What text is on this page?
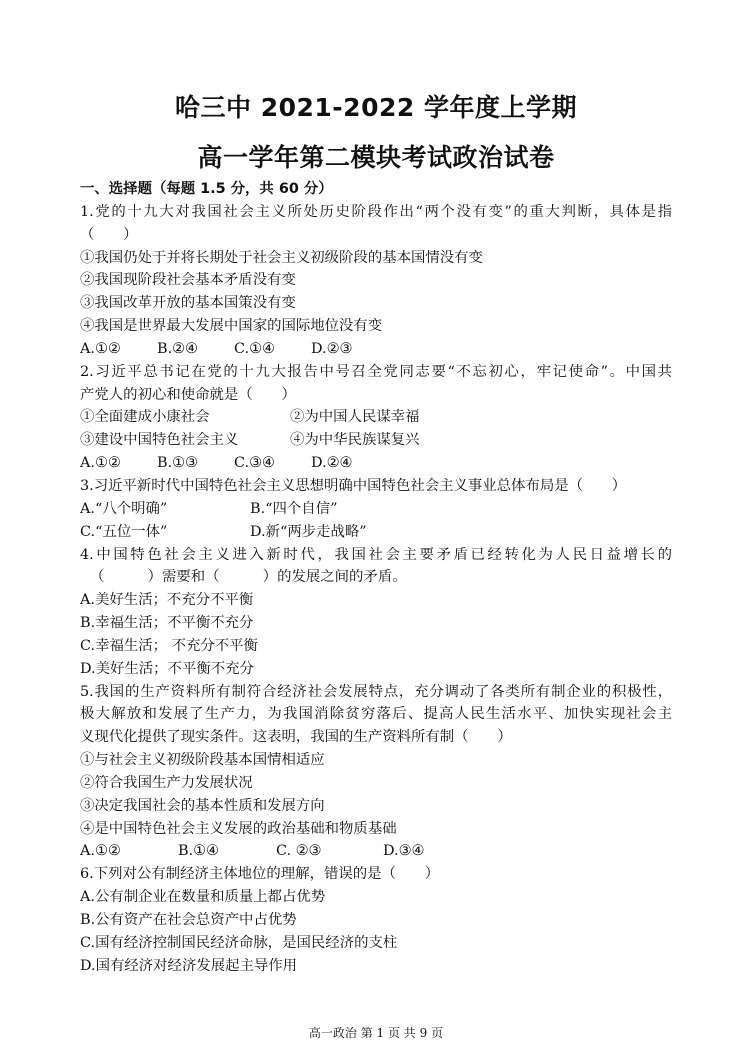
哈三中 2021-2022 学年度上学期
高一学年第二模块考试政治试卷
一、选择题（每题 1.5 分，共 60 分）
1.党的十九大对我国社会主义所处历史阶段作出“两个没有变”的重大判断，具体是指
（　　）
①我国仍处于并将长期处于社会主义初级阶段的基本国情没有变
②我国现阶段社会基本矛盾没有变
③我国改革开放的基本国策没有变
④我国是世界最大发展中国家的国际地位没有变
A.①②	B.②④	C.①④	D.②③
2.习近平总书记在党的十九大报告中号召全党同志要“不忘初心，牢记使命”。中国共
产党人的初心和使命就是（　　）
①全面建成小康社会	②为中国人民谋幸福
③建设中国特色社会主义	④为中华民族谋复兴
A.①②	B.①③	C.③④	D.②④
3.习近平新时代中国特色社会主义思想明确中国特色社会主义事业总体布局是（　　）
A.“八个明确”	B.“四个自信”
C.“五位一体”	D.新“两步走战略”
4.中国特色社会主义进入新时代，我国社会主要矛盾已经转化为人民日益增长的
（　　　）需要和（　　　）的发展之间的矛盾。
A.美好生活；不充分不平衡
B.幸福生活；不平衡不充分
C.幸福生活； 不充分不平衡
D.美好生活；不平衡不充分
5.我国的生产资料所有制符合经济社会发展特点，充分调动了各类所有制企业的积极性，
极大解放和发展了生产力，为我国消除贫穷落后、提高人民生活水平、加快实现社会主
义现代化提供了现实条件。这表明，我国的生产资料所有制（　　）
①与社会主义初级阶段基本国情相适应
②符合我国生产力发展状况
③决定我国社会的基本性质和发展方向
④是中国特色社会主义发展的政治基础和物质基础
A.①②	B.①④	C. ②③	D.③④
6.下列对公有制经济主体地位的理解，错误的是（　　）
A.公有制企业在数量和质量上都占优势
B.公有资产在社会总资产中占优势
C.国有经济控制国民经济命脉，是国民经济的支柱
D.国有经济对经济发展起主导作用
高一政治 第 1 页 共 9 页
